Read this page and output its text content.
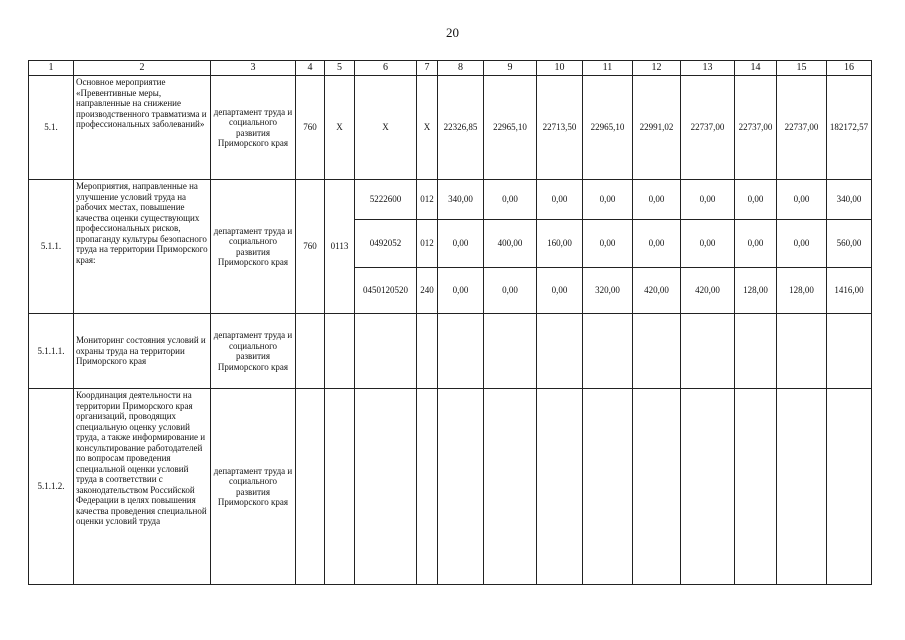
20
1	2	3	4	5	6	7	8	9	10	11	12	13	14	15	16
5.1.	Основное мероприятие «Превентивные меры, направленные на снижение производственного травматизма и профессиональных заболеваний»	департамент труда и социального развития Приморского края	760	Х	Х	Х	22326,85	22965,10	22713,50	22965,10	22991,02	22737,00	22737,00	22737,00	182172,57
5.1.1.	Мероприятия, направленные на улучшение условий труда на рабочих местах, повышение качества оценки существующих профессиональных рисков, пропаганду культуры безопасного труда на территории Приморского края:	департамент труда и социального развития Приморского края	760	0113	5222600	012	340,00	0,00	0,00	0,00	0,00	0,00	0,00	0,00	340,00
					0492052	012	0,00	400,00	160,00	0,00	0,00	0,00	0,00	0,00	560,00
					0450120520	240	0,00	0,00	0,00	320,00	420,00	420,00	128,00	128,00	1416,00
5.1.1.1.	Мониторинг состояния условий и охраны труда на территории Приморского края	департамент труда и социального развития Приморского края													
5.1.1.2.	Координация деятельности на территории Приморского края организаций, проводящих специальную оценку условий труда, а также информирование и консультирование работодателей по вопросам проведения специальной оценки условий труда в соответствии с законодательством Российской Федерации в целях повышения качества проведения специальной оценки условий труда	департамент труда и социального развития Приморского края													
